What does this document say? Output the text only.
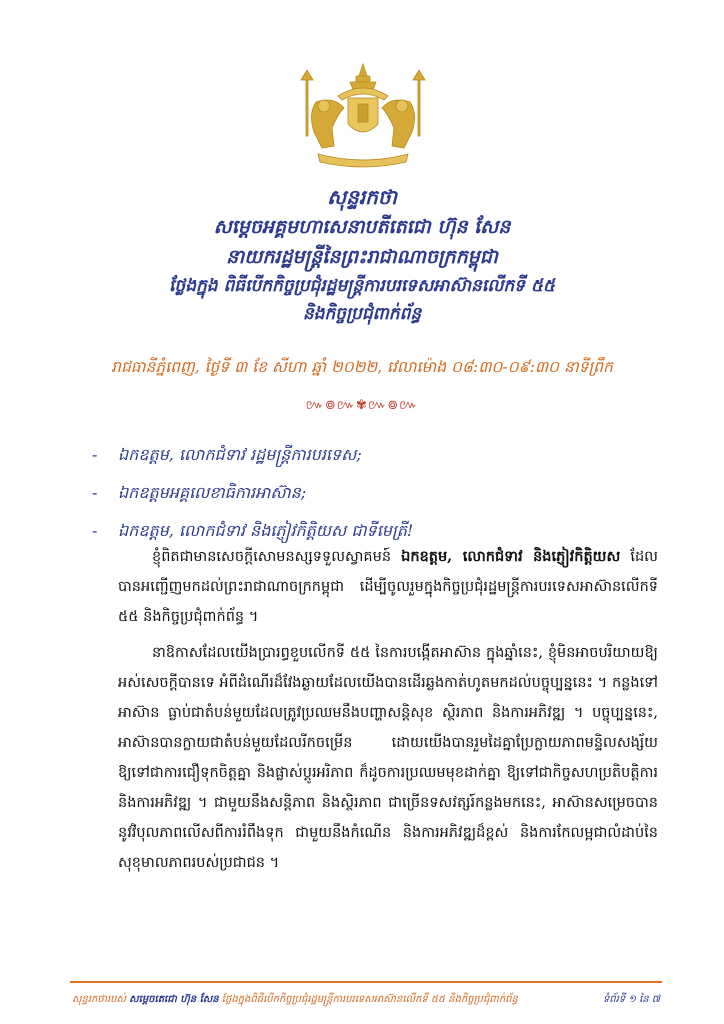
សុន្ទរកថា

សម្តេចអគ្គមហាសេនាបតីតេជោ ហ៊ុន សែន

នាយករដ្ឋមន្ត្រីនៃព្រះរាជាណាចក្រកម្ពុជា

ថ្លែងក្នុង ពិធីបើកកិច្ចប្រជុំរដ្ឋមន្ត្រីការបរទេសអាស៊ានលើកទី ៥៥

និងកិច្ចប្រជុំពាក់ព័ន្ធ

រាជធានីភ្នំពេញ, ថ្ងៃទី ៣ ខែ សីហា ឆ្នាំ ២០២២, វេលាម៉ោង ០៨:៣០-០៩:៣០ នាទីព្រឹក
៚៙៚✾៚៙៚
- ឯកឧត្តម, លោកជំទាវ រដ្ឋមន្ត្រីការបរទេស;
- ឯកឧត្តមអគ្គលេខាធិការអាស៊ាន;
- ឯកឧត្តម, លោកជំទាវ និងភ្ញៀវកិត្តិយស ជាទីមេត្រី!

ខ្ញុំពិតជាមានសេចក្តីសោមនស្សទទួលស្វាគមន៍ ឯកឧត្តម, លោកជំទាវ និងភ្ញៀវកិត្តិយស ដែលបានអញ្ជើញមកដល់ព្រះរាជាណាចក្រកម្ពុជា ដើម្បីចូលរួមក្នុងកិច្ចប្រជុំរដ្ឋមន្ត្រីការបរទេសអាស៊ានលើកទី ៥៥ និងកិច្ចប្រជុំពាក់ព័ន្ធ ។

នាឱកាសដែលយើងប្រារព្ធខួបលើកទី ៥៥ នៃការបង្កើតអាស៊ាន ក្នុងឆ្នាំនេះ, ខ្ញុំមិនអាចបរិយាយឱ្យអស់សេចក្តីបានទេ អំពីដំណើរដ៏វែងឆ្ងាយដែលយើងបានដើរឆ្លងកាត់ហូតមកដល់បច្ចុប្បន្ននេះ ។ កន្លងទៅ អាស៊ាន ធ្លាប់ជាតំបន់មួយដែលត្រូវប្រឈមនឹងបញ្ហាសន្តិសុខ ស្ថិរភាព និងការអភិវឌ្ឍ ។ បច្ចុប្បន្ននេះ, អាស៊ានបានក្លាយជាតំបន់មួយដែលរីកចម្រើន ដោយយើងបានរួមដៃគ្នាប្រែក្លាយភាពមន្ទិលសង្ស័យ ឱ្យទៅជាការជឿទុកចិត្តគ្នា និងផ្លាស់ប្តូរអរិភាព ក៏ដូចការប្រឈមមុខដាក់គ្នា ឱ្យទៅជាកិច្ចសហប្រតិបត្តិការ និងការអភិវឌ្ឍ ។ ជាមួយនឹងសន្តិភាព និងស្ថិរភាព ជាច្រើនទសវត្សរ៍កន្លងមកនេះ, អាស៊ានសម្រេចបាននូវវិបុលភាពលើសពីការរំពឹងទុក ជាមួយនឹងកំណើន និងការអភិវឌ្ឍដ៏ខ្ពស់ និងការកែលម្អជាលំដាប់នៃសុខុមាលភាពរបស់ប្រជាជន ។

សុន្ទរកថារបស់ សម្តេចតេជោ ហ៊ុន សែន ថ្លែងក្នុងពិធីបើកកិច្ចប្រជុំរដ្ឋមន្ត្រីការបរទេសអាស៊ានលើកទី ៥៥ និងកិច្ចប្រជុំពាក់ព័ន្ធ	ទំព័រទី ១ នៃ ៧
